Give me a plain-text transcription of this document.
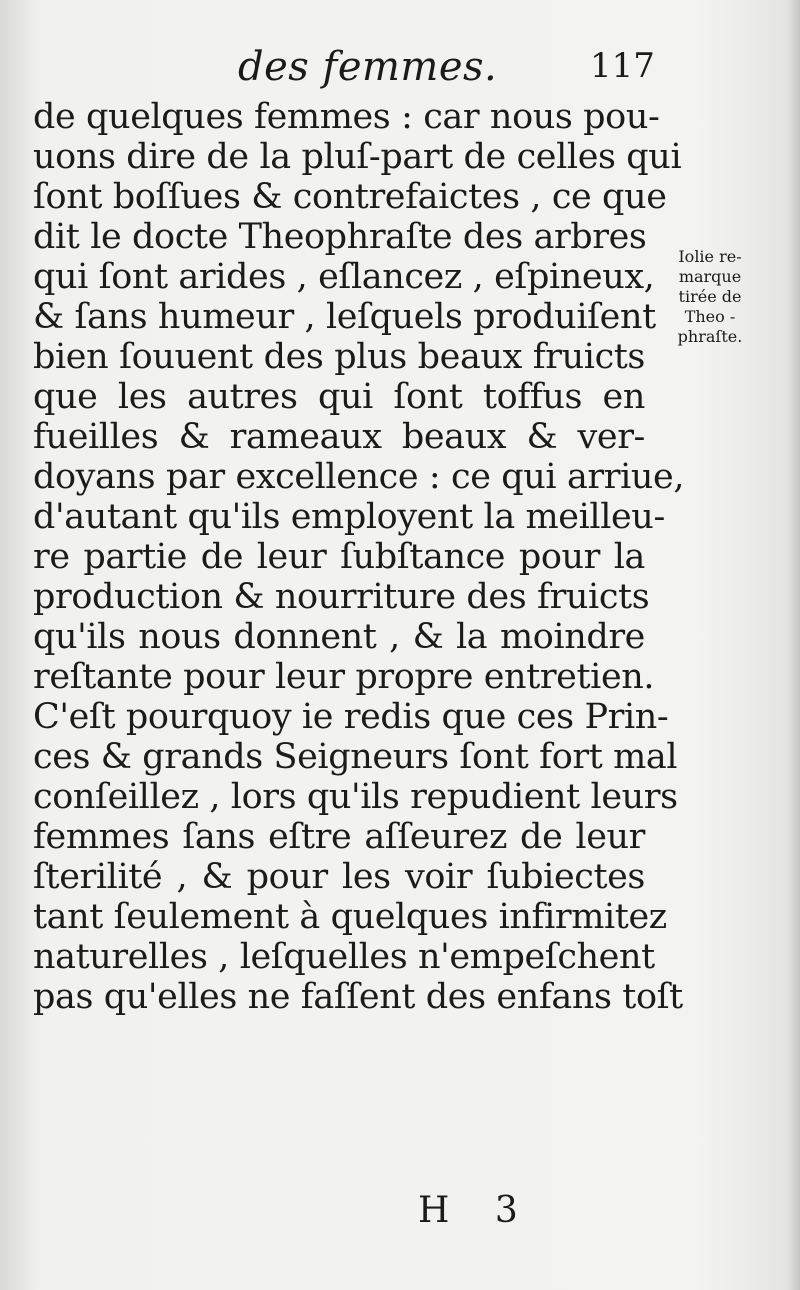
des femmes.	117
de quelques femmes : car nous pou-
uons dire de la pluſ-part de celles qui
ſont boſſues & contrefaictes , ce que
dit le docte Theophraſte des arbres
qui ſont arides , eſlancez , eſpineux,
& ſans humeur , leſquels produiſent
bien ſouuent des plus beaux fruicts
que les autres qui ſont toffus en
fueilles & rameaux beaux & ver-
doyans par excellence : ce qui arriue,
d'autant qu'ils employent la meilleu-
re partie de leur ſubſtance pour la
production & nourriture des fruicts
qu'ils nous donnent , & la moindre
reſtante pour leur propre entretien.
C'eſt pourquoy ie redis que ces Prin-
ces & grands Seigneurs ſont fort mal
conſeillez , lors qu'ils repudient leurs
femmes ſans eſtre aſſeurez de leur
ſterilité , & pour les voir ſubiectes
tant ſeulement à quelques infirmitez
naturelles , leſquelles n'empeſchent
pas qu'elles ne faſſent des enfans toſt
Iolie re-
marque
tirée de
Theo -
phraſte.
H 3
